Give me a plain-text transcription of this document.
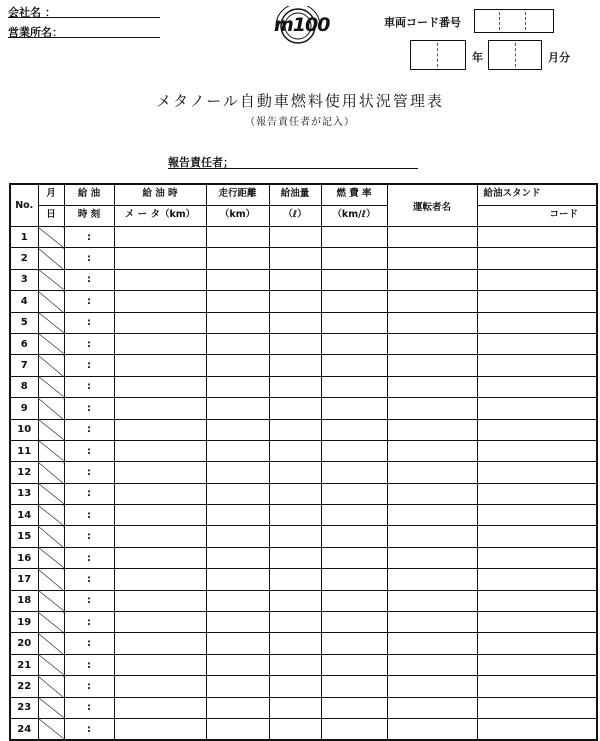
会社名 ：
営業所名：	m100	車両コード番号
年	月分
メタノール自動車燃料使用状況管理表
（報告責任者が記入）
報告責任者；
No.	月	給 油	給 油 時	走行距離	給油量	燃 費 率	運転者名	給油スタンド
	日	時 刻	メ ー タ（km）	（km）	（ℓ）	（km/ℓ）		コード
1		:						
2		:						
3		:						
4		:						
5		:						
6		:						
7		:						
8		:						
9		:						
10		:						
11		:						
12		:						
13		:						
14		:						
15		:						
16		:						
17		:						
18		:						
19		:						
20		:						
21		:						
22		:						
23		:						
24		:						
